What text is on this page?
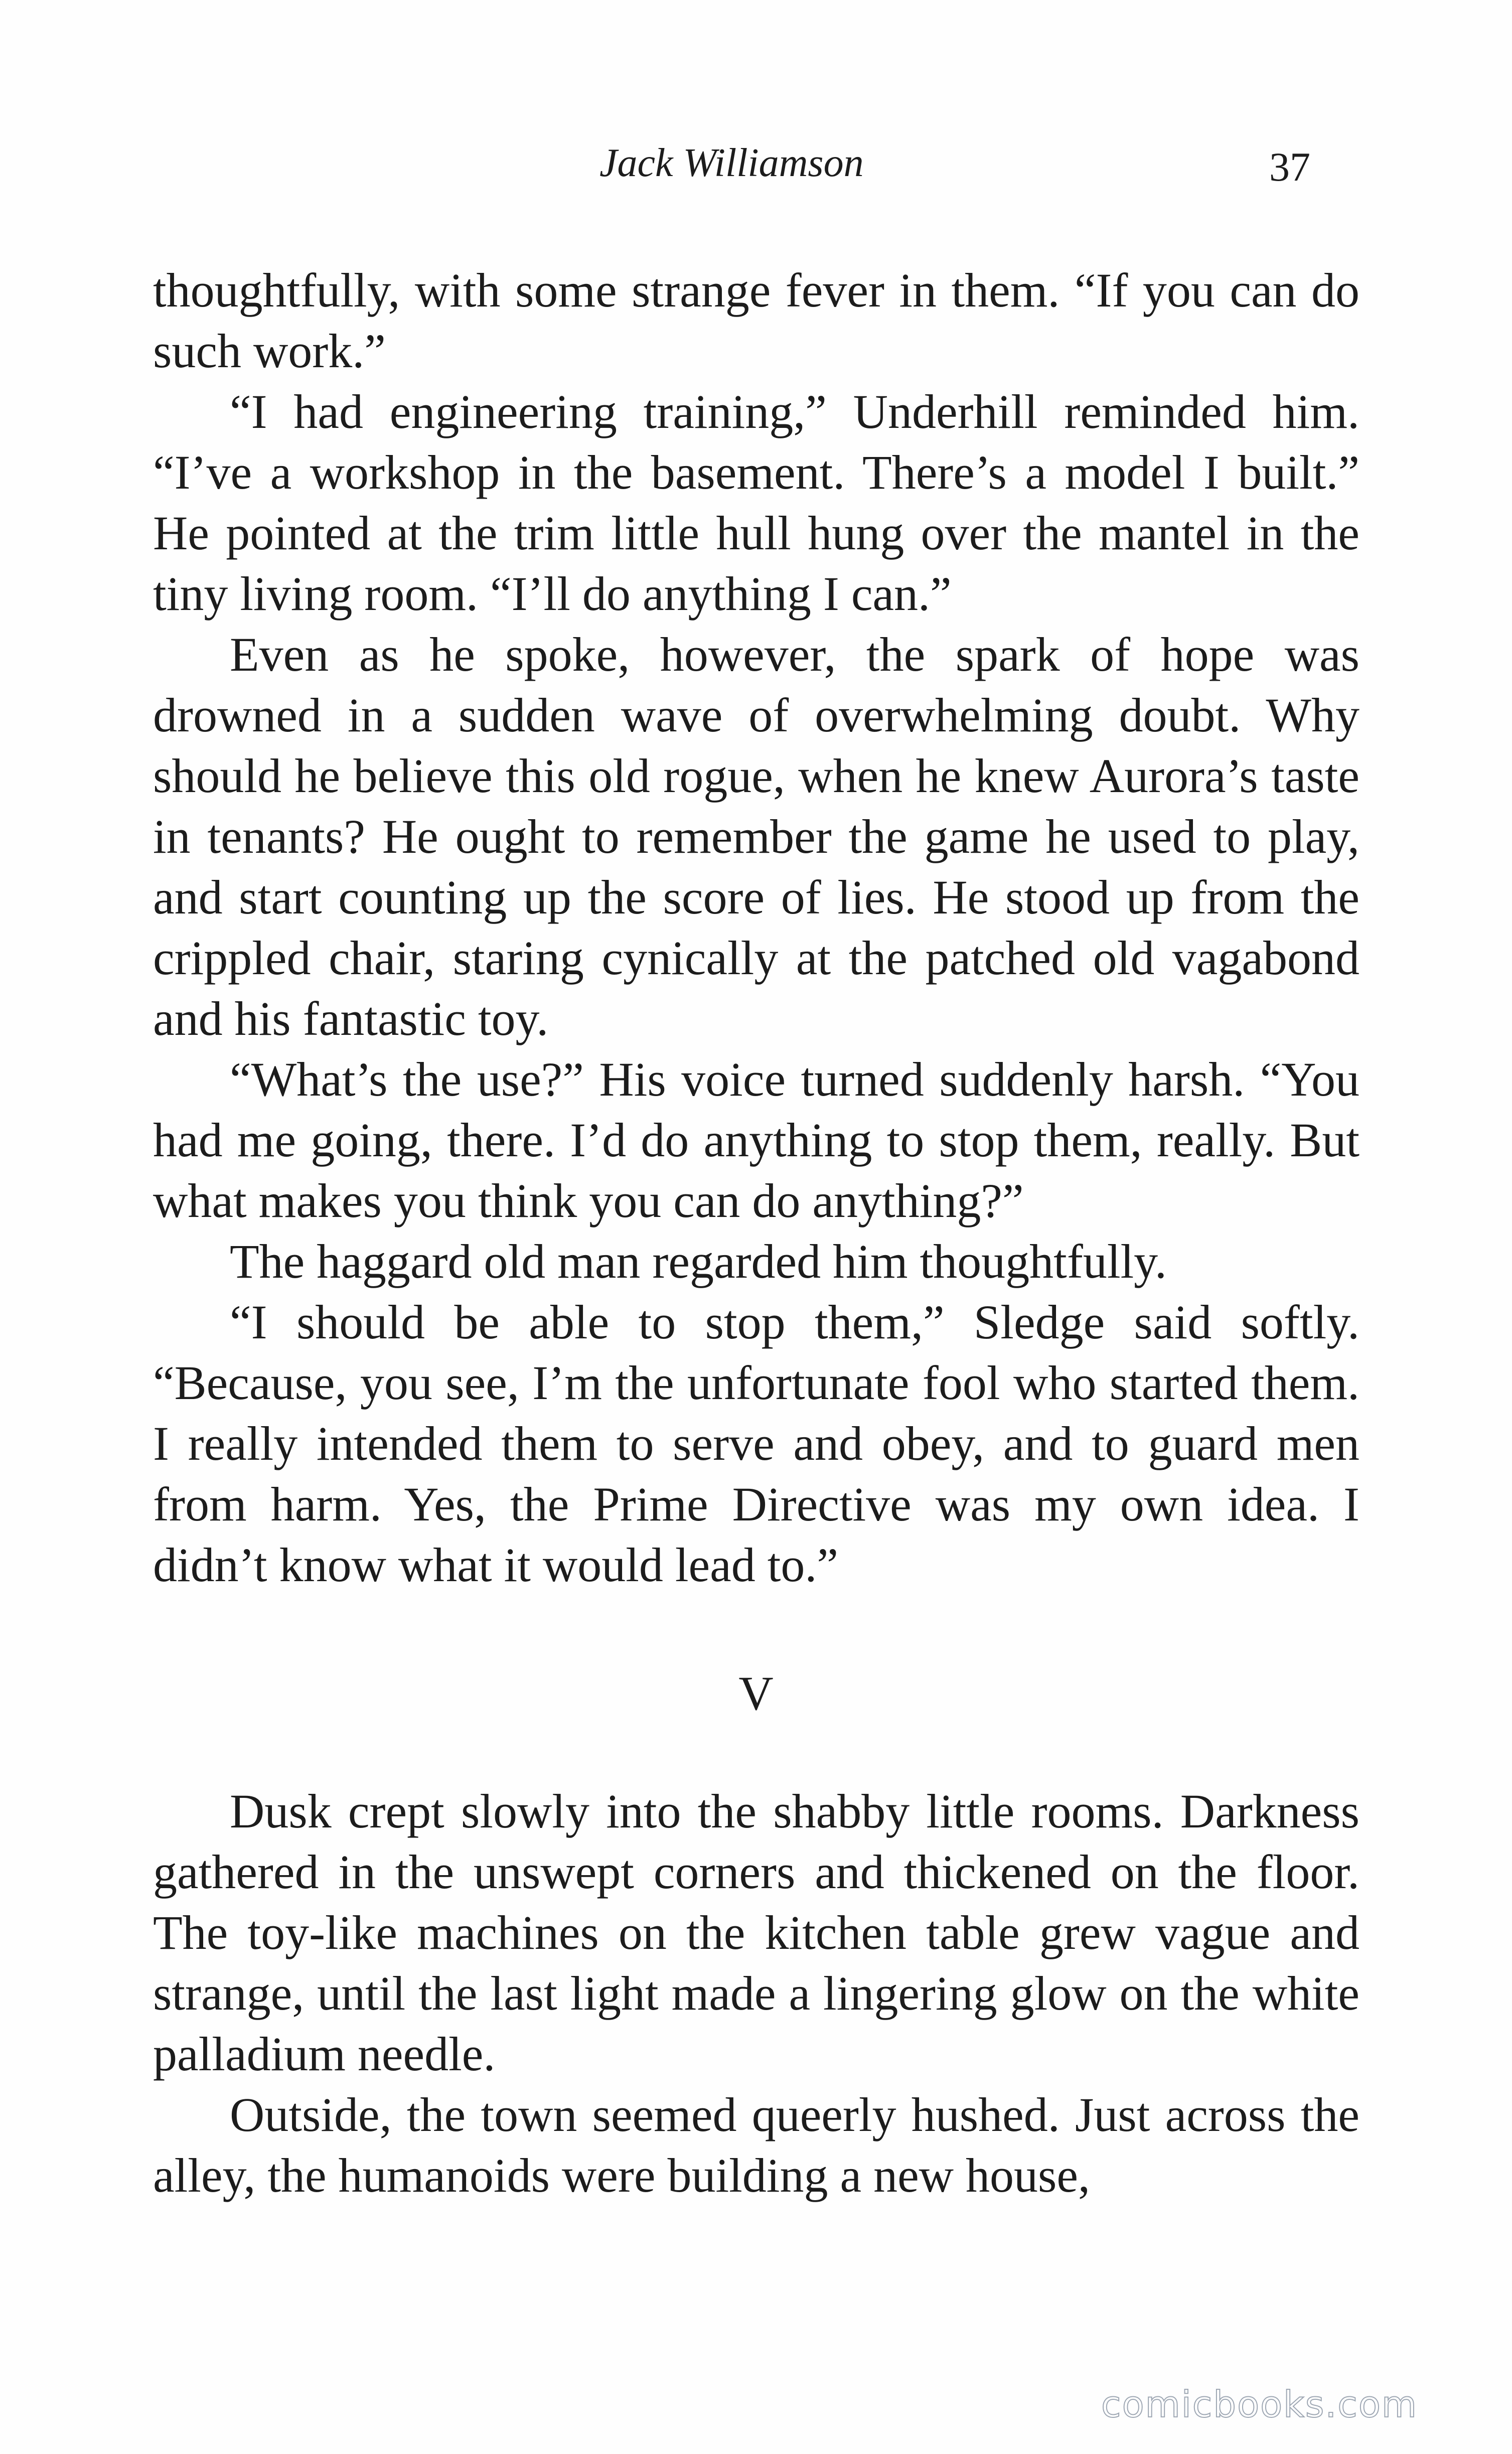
Jack Williamson	37

thoughtfully, with some strange fever in them. “If you can do such work.”

“I had engineering training,” Underhill reminded him. “I’ve a workshop in the basement. There’s a model I built.” He pointed at the trim little hull hung over the mantel in the tiny living room. “I’ll do anything I can.”

Even as he spoke, however, the spark of hope was drowned in a sudden wave of overwhelming doubt. Why should he believe this old rogue, when he knew Aurora’s taste in tenants? He ought to remember the game he used to play, and start counting up the score of lies. He stood up from the crippled chair, staring cynically at the patched old vagabond and his fantastic toy.

“What’s the use?” His voice turned suddenly harsh. “You had me going, there. I’d do anything to stop them, really. But what makes you think you can do anything?”

The haggard old man regarded him thoughtfully.

“I should be able to stop them,” Sledge said softly. “Because, you see, I’m the unfortunate fool who started them. I really intended them to serve and obey, and to guard men from harm. Yes, the Prime Directive was my own idea. I didn’t know what it would lead to.”

V

Dusk crept slowly into the shabby little rooms. Darkness gathered in the unswept corners and thickened on the floor. The toy-like machines on the kitchen table grew vague and strange, until the last light made a lingering glow on the white palladium needle.

Outside, the town seemed queerly hushed. Just across the alley, the humanoids were building a new house,

comicbooks.com
